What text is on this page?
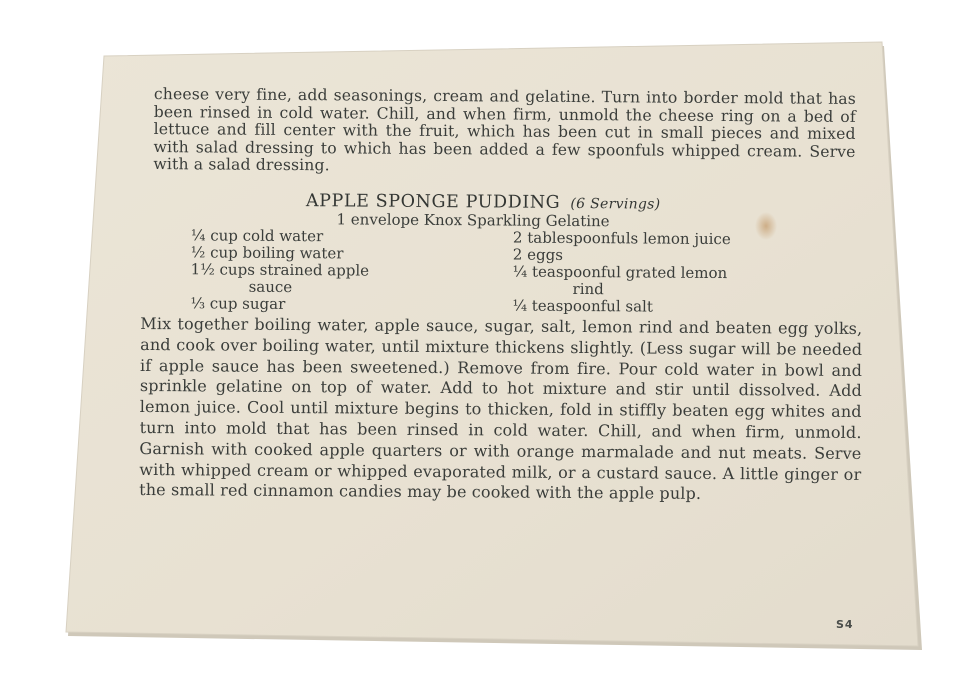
cheese very fine, add seasonings, cream and gelatine. Turn into border mold that has been rinsed in cold water. Chill, and when firm, unmold the cheese ring on a bed of lettuce and fill center with the fruit, which has been cut in small pieces and mixed with salad dressing to which has been added a few spoonfuls whipped cream. Serve with a salad dressing.

APPLE SPONGE PUDDING (6 Servings)
1 envelope Knox Sparkling Gelatine
¼ cup cold water
½ cup boiling water
1½ cups strained apple
sauce
⅓ cup sugar
2 tablespoonfuls lemon juice
2 eggs
¼ teaspoonful grated lemon
rind
¼ teaspoonful salt

Mix together boiling water, apple sauce, sugar, salt, lemon rind and beaten egg yolks, and cook over boiling water, until mixture thickens slightly. (Less sugar will be needed if apple sauce has been sweetened.) Remove from fire. Pour cold water in bowl and sprinkle gelatine on top of water. Add to hot mixture and stir until dissolved. Add lemon juice. Cool until mixture begins to thicken, fold in stiffly beaten egg whites and turn into mold that has been rinsed in cold water. Chill, and when firm, unmold. Garnish with cooked apple quarters or with orange marmalade and nut meats. Serve with whipped cream or whipped evaporated milk, or a custard sauce. A little ginger or the small red cinnamon candies may be cooked with the apple pulp.

S4
